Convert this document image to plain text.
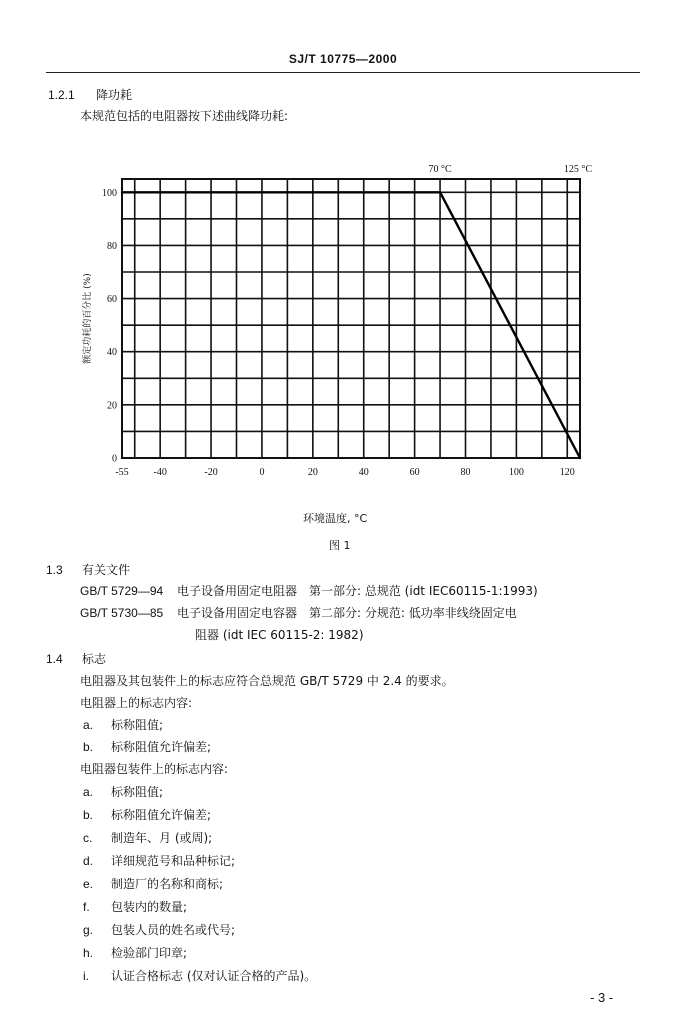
SJ/T 10775—2000
1.2.1 降功耗
本规范包括的电阻器按下述曲线降功耗:
-55 -40	-20	0	20	40	60	80	100	120
0
20
40
60
80
100
70 °C	125 °C
额定功耗的百分比 (%)
环境温度, °C
图 1
1.3 有关文件
GB/T 5729—94 电子设备用固定电阻器　第一部分: 总规范 (idt IEC60115-1:1993)
GB/T 5730—85 电子设备用固定电容器　第二部分: 分规范: 低功率非线绕固定电
阻器 (idt IEC 60115-2: 1982)
1.4 标志
电阻器及其包装件上的标志应符合总规范 GB/T 5729 中 2.4 的要求。
电阻器上的标志内容:
a. 标称阻值;
b. 标称阻值允许偏差;
电阻器包装件上的标志内容:
a. 标称阻值;
b. 标称阻值允许偏差;
c. 制造年、月 (或周);
d. 详细规范号和品种标记;
e. 制造厂的名称和商标;
f. 包装内的数量;
g. 包装人员的姓名或代号;
h. 检验部门印章;
i. 认证合格标志 (仅对认证合格的产品)。
- 3 -
